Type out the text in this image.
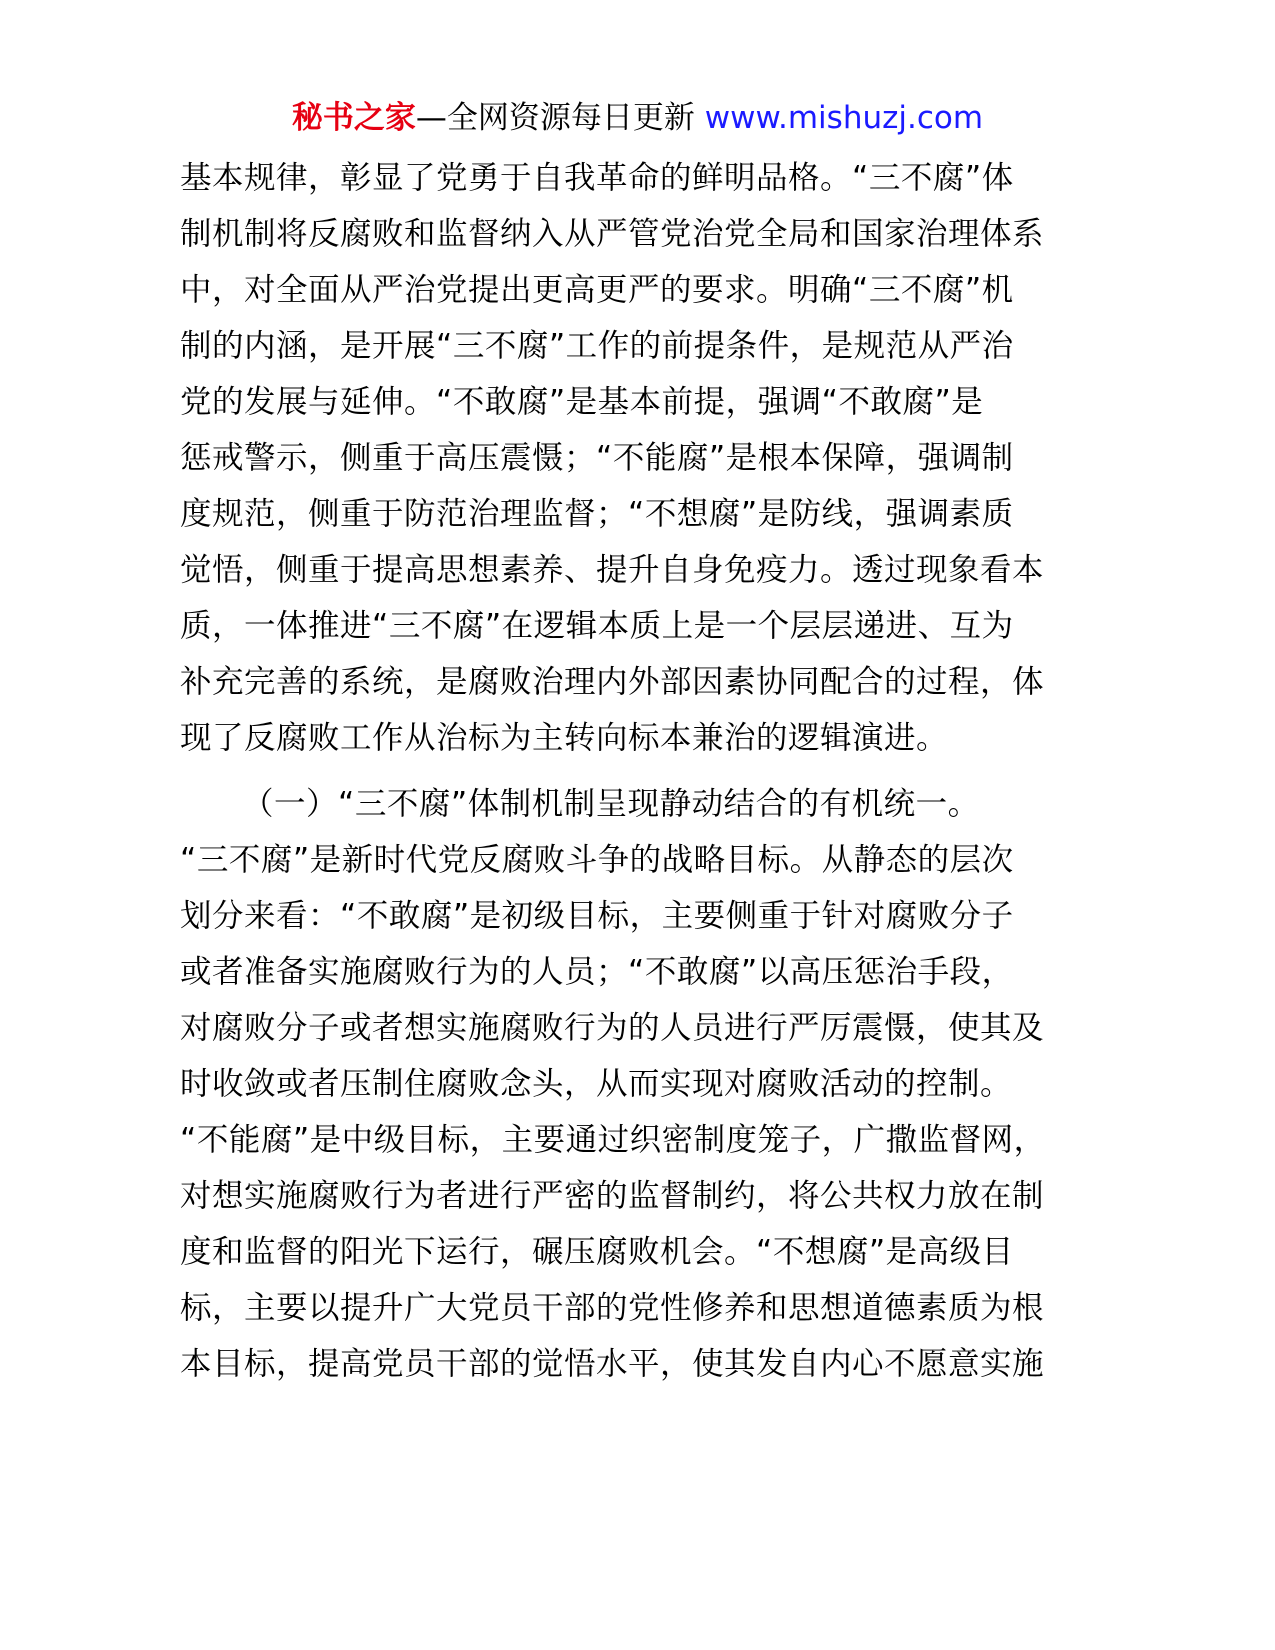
秘书之家—全网资源每日更新 www.mishuzj.com
基本规律，彰显了党勇于自我革命的鲜明品格。“三不腐”体
制机制将反腐败和监督纳入从严管党治党全局和国家治理体系
中，对全面从严治党提出更高更严的要求。明确“三不腐”机
制的内涵，是开展“三不腐”工作的前提条件，是规范从严治
党的发展与延伸。“不敢腐”是基本前提，强调“不敢腐”是
惩戒警示，侧重于高压震慑；“不能腐”是根本保障，强调制
度规范，侧重于防范治理监督；“不想腐”是防线，强调素质
觉悟，侧重于提高思想素养、提升自身免疫力。透过现象看本
质，一体推进“三不腐”在逻辑本质上是一个层层递进、互为
补充完善的系统，是腐败治理内外部因素协同配合的过程，体
现了反腐败工作从治标为主转向标本兼治的逻辑演进。
（一）“三不腐”体制机制呈现静动结合的有机统一。
“三不腐”是新时代党反腐败斗争的战略目标。从静态的层次
划分来看：“不敢腐”是初级目标，主要侧重于针对腐败分子
或者准备实施腐败行为的人员；“不敢腐”以高压惩治手段，
对腐败分子或者想实施腐败行为的人员进行严厉震慑，使其及
时收敛或者压制住腐败念头，从而实现对腐败活动的控制。
“不能腐”是中级目标，主要通过织密制度笼子，广撒监督网，
对想实施腐败行为者进行严密的监督制约，将公共权力放在制
度和监督的阳光下运行，碾压腐败机会。“不想腐”是高级目
标，主要以提升广大党员干部的党性修养和思想道德素质为根
本目标，提高党员干部的觉悟水平，使其发自内心不愿意实施
